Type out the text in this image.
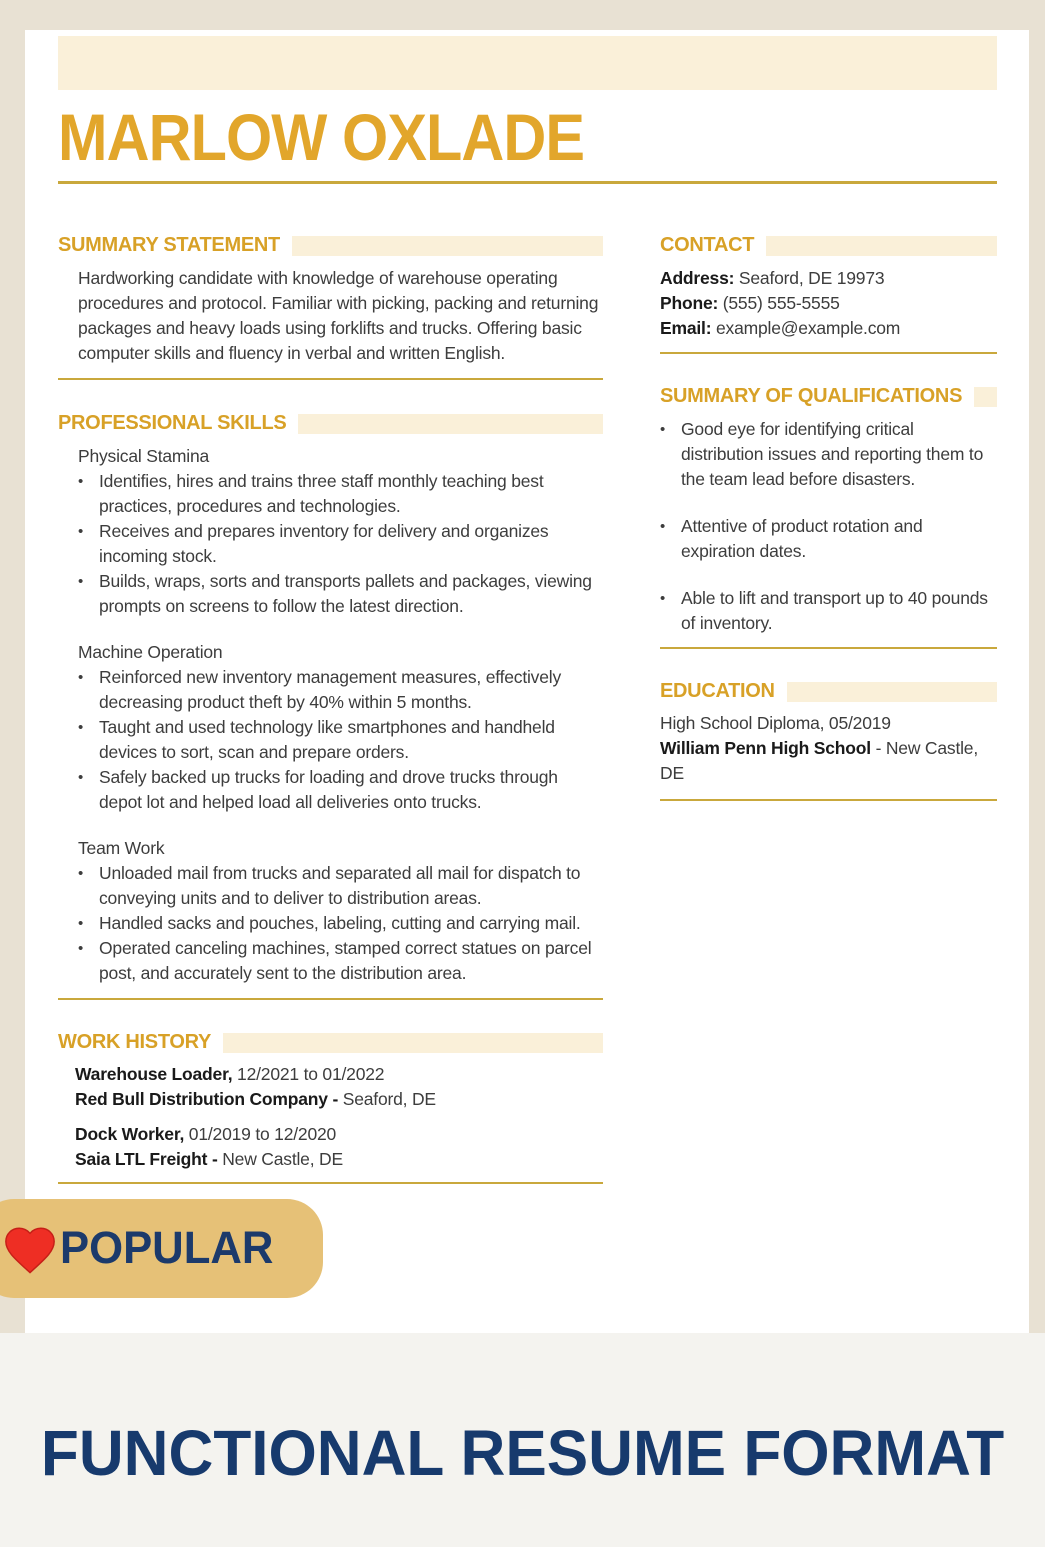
MARLOW OXLADE
SUMMARY STATEMENT
Hardworking candidate with knowledge of warehouse operating procedures and protocol. Familiar with picking, packing and returning packages and heavy loads using forklifts and trucks. Offering basic computer skills and fluency in verbal and written English.
PROFESSIONAL SKILLS
Physical Stamina
• Identifies, hires and trains three staff monthly teaching best practices, procedures and technologies.
• Receives and prepares inventory for delivery and organizes incoming stock.
• Builds, wraps, sorts and transports pallets and packages, viewing prompts on screens to follow the latest direction.
Machine Operation
• Reinforced new inventory management measures, effectively decreasing product theft by 40% within 5 months.
• Taught and used technology like smartphones and handheld devices to sort, scan and prepare orders.
• Safely backed up trucks for loading and drove trucks through depot lot and helped load all deliveries onto trucks.
Team Work
• Unloaded mail from trucks and separated all mail for dispatch to conveying units and to deliver to distribution areas.
• Handled sacks and pouches, labeling, cutting and carrying mail.
• Operated canceling machines, stamped correct statues on parcel post, and accurately sent to the distribution area.
WORK HISTORY
Warehouse Loader, 12/2021 to 01/2022
Red Bull Distribution Company - Seaford, DE
Dock Worker, 01/2019 to 12/2020
Saia LTL Freight - New Castle, DE
CONTACT
Address: Seaford, DE 19973
Phone: (555) 555-5555
Email: example@example.com
SUMMARY OF QUALIFICATIONS
• Good eye for identifying critical distribution issues and reporting them to the team lead before disasters.
• Attentive of product rotation and expiration dates.
• Able to lift and transport up to 40 pounds of inventory.
EDUCATION
High School Diploma, 05/2019
William Penn High School - New Castle, DE
POPULAR
FUNCTIONAL RESUME FORMAT
